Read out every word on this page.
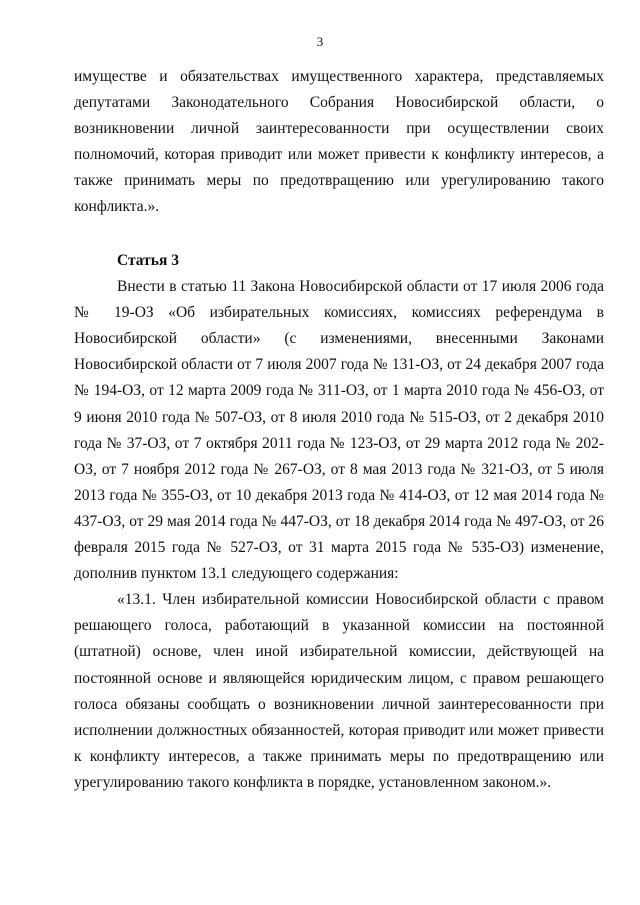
3

имуществе и обязательствах имущественного характера, представляемых депутатами Законодательного Собрания Новосибирской области, о возникновении личной заинтересованности при осуществлении своих полномочий, которая приводит или может привести к конфликту интересов, а также принимать меры по предотвращению или урегулированию такого конфликта.».

Статья 3

Внести в статью 11 Закона Новосибирской области от 17 июля 2006 года № 19-ОЗ «Об избирательных комиссиях, комиссиях референдума в Новосибирской области» (с изменениями, внесенными Законами Новосибирской области от 7 июля 2007 года № 131-ОЗ, от 24 декабря 2007 года № 194-ОЗ, от 12 марта 2009 года № 311-ОЗ, от 1 марта 2010 года № 456-ОЗ, от 9 июня 2010 года № 507-ОЗ, от 8 июля 2010 года № 515-ОЗ, от 2 декабря 2010 года № 37-ОЗ, от 7 октября 2011 года № 123-ОЗ, от 29 марта 2012 года № 202-ОЗ, от 7 ноября 2012 года № 267-ОЗ, от 8 мая 2013 года № 321-ОЗ, от 5 июля 2013 года № 355-ОЗ, от 10 декабря 2013 года № 414-ОЗ, от 12 мая 2014 года № 437-ОЗ, от 29 мая 2014 года № 447-ОЗ, от 18 декабря 2014 года № 497-ОЗ, от 26 февраля 2015 года № 527-ОЗ, от 31 марта 2015 года № 535-ОЗ) изменение, дополнив пунктом 13.1 следующего содержания:

«13.1. Член избирательной комиссии Новосибирской области с правом решающего голоса, работающий в указанной комиссии на постоянной (штатной) основе, член иной избирательной комиссии, действующей на постоянной основе и являющейся юридическим лицом, с правом решающего голоса обязаны сообщать о возникновении личной заинтересованности при исполнении должностных обязанностей, которая приводит или может привести к конфликту интересов, а также принимать меры по предотвращению или урегулированию такого конфликта в порядке, установленном законом.».
